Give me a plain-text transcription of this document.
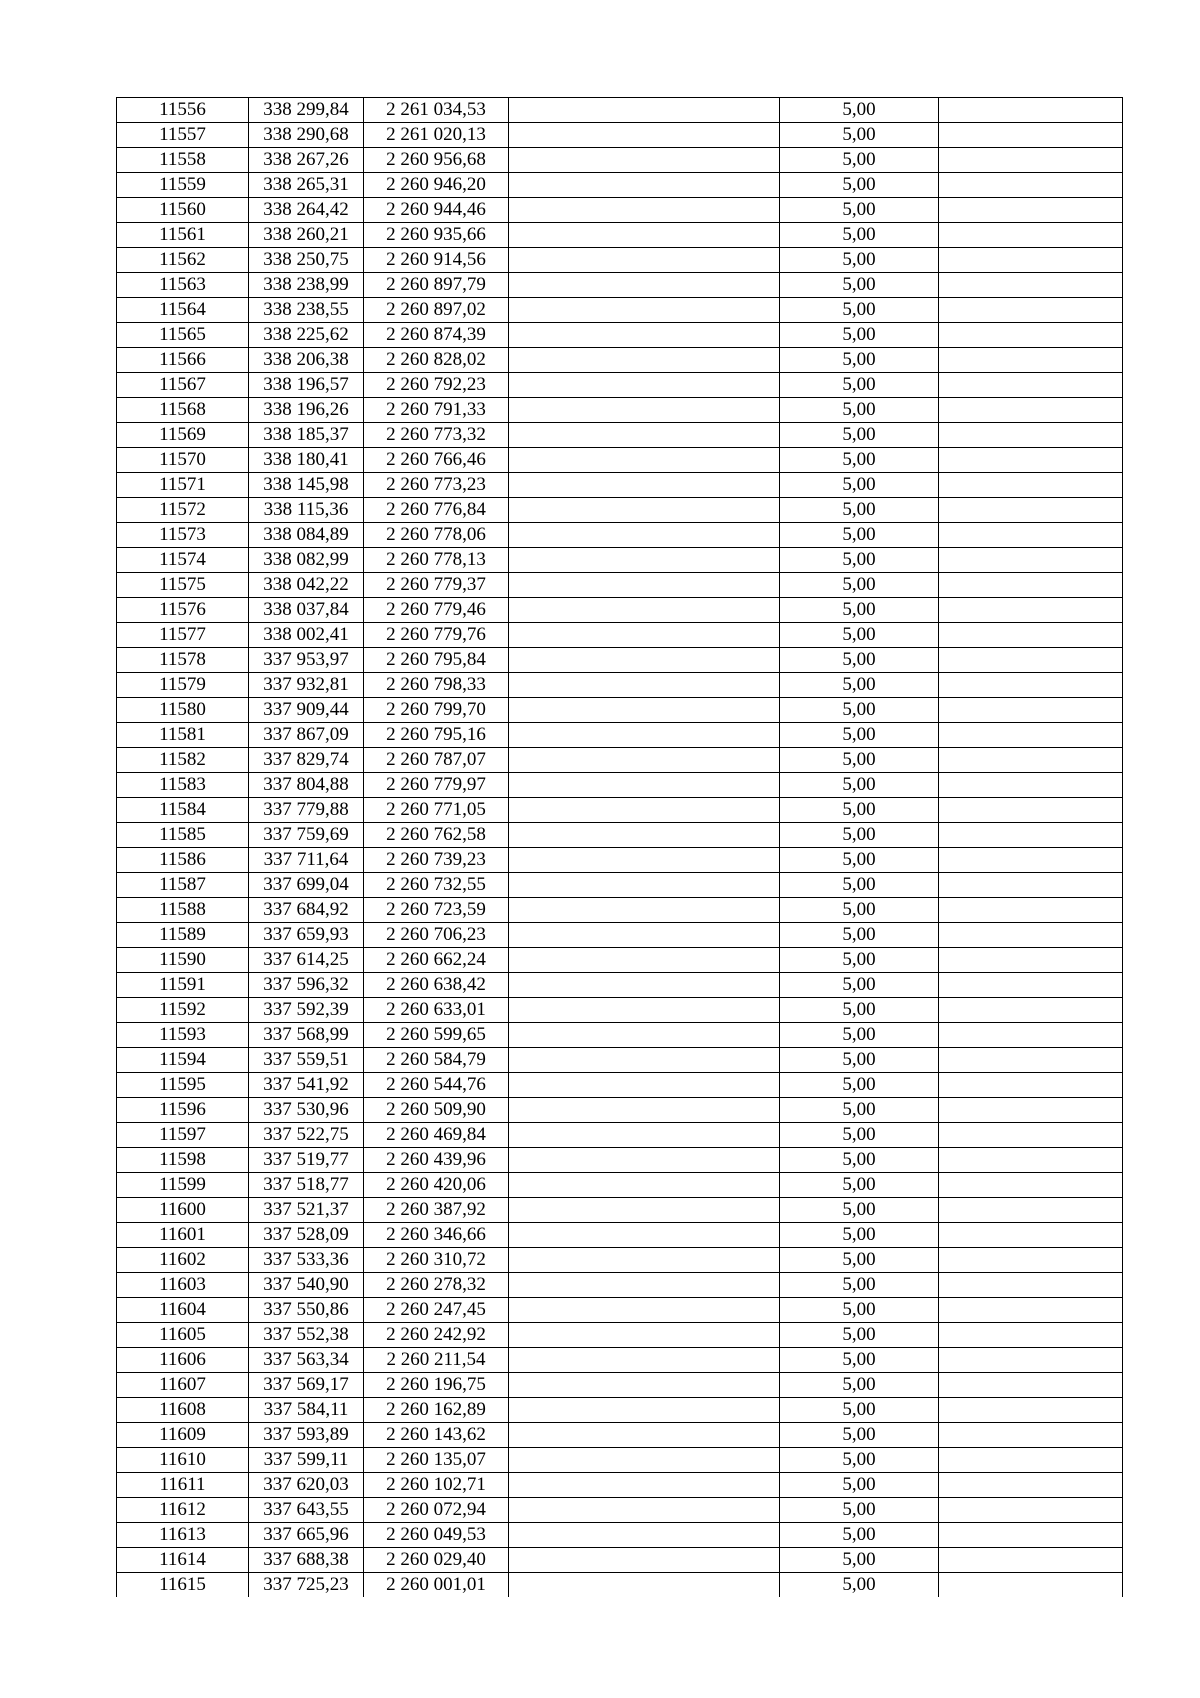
11556	338 299,84	2 261 034,53		5,00	
11557	338 290,68	2 261 020,13		5,00	
11558	338 267,26	2 260 956,68		5,00	
11559	338 265,31	2 260 946,20		5,00	
11560	338 264,42	2 260 944,46		5,00	
11561	338 260,21	2 260 935,66		5,00	
11562	338 250,75	2 260 914,56		5,00	
11563	338 238,99	2 260 897,79		5,00	
11564	338 238,55	2 260 897,02		5,00	
11565	338 225,62	2 260 874,39		5,00	
11566	338 206,38	2 260 828,02		5,00	
11567	338 196,57	2 260 792,23		5,00	
11568	338 196,26	2 260 791,33		5,00	
11569	338 185,37	2 260 773,32		5,00	
11570	338 180,41	2 260 766,46		5,00	
11571	338 145,98	2 260 773,23		5,00	
11572	338 115,36	2 260 776,84		5,00	
11573	338 084,89	2 260 778,06		5,00	
11574	338 082,99	2 260 778,13		5,00	
11575	338 042,22	2 260 779,37		5,00	
11576	338 037,84	2 260 779,46		5,00	
11577	338 002,41	2 260 779,76		5,00	
11578	337 953,97	2 260 795,84		5,00	
11579	337 932,81	2 260 798,33		5,00	
11580	337 909,44	2 260 799,70		5,00	
11581	337 867,09	2 260 795,16		5,00	
11582	337 829,74	2 260 787,07		5,00	
11583	337 804,88	2 260 779,97		5,00	
11584	337 779,88	2 260 771,05		5,00	
11585	337 759,69	2 260 762,58		5,00	
11586	337 711,64	2 260 739,23		5,00	
11587	337 699,04	2 260 732,55		5,00	
11588	337 684,92	2 260 723,59		5,00	
11589	337 659,93	2 260 706,23		5,00	
11590	337 614,25	2 260 662,24		5,00	
11591	337 596,32	2 260 638,42		5,00	
11592	337 592,39	2 260 633,01		5,00	
11593	337 568,99	2 260 599,65		5,00	
11594	337 559,51	2 260 584,79		5,00	
11595	337 541,92	2 260 544,76		5,00	
11596	337 530,96	2 260 509,90		5,00	
11597	337 522,75	2 260 469,84		5,00	
11598	337 519,77	2 260 439,96		5,00	
11599	337 518,77	2 260 420,06		5,00	
11600	337 521,37	2 260 387,92		5,00	
11601	337 528,09	2 260 346,66		5,00	
11602	337 533,36	2 260 310,72		5,00	
11603	337 540,90	2 260 278,32		5,00	
11604	337 550,86	2 260 247,45		5,00	
11605	337 552,38	2 260 242,92		5,00	
11606	337 563,34	2 260 211,54		5,00	
11607	337 569,17	2 260 196,75		5,00	
11608	337 584,11	2 260 162,89		5,00	
11609	337 593,89	2 260 143,62		5,00	
11610	337 599,11	2 260 135,07		5,00	
11611	337 620,03	2 260 102,71		5,00	
11612	337 643,55	2 260 072,94		5,00	
11613	337 665,96	2 260 049,53		5,00	
11614	337 688,38	2 260 029,40		5,00	
11615	337 725,23	2 260 001,01		5,00	
